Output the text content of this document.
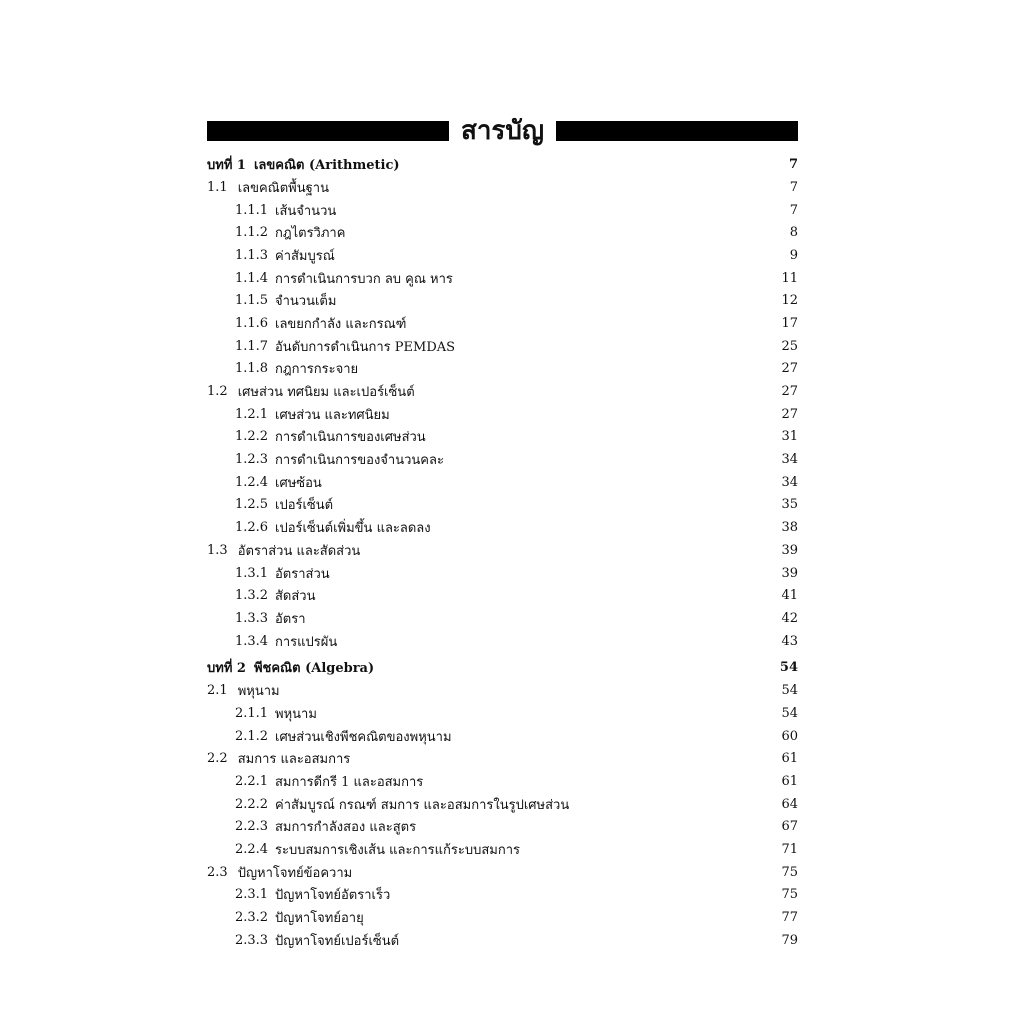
สารบัญ
บทที่ 1 เลขคณิต (Arithmetic)	7
1.1 เลขคณิตพื้นฐาน	7
1.1.1 เส้นจำนวน	7
1.1.2 กฎไตรวิภาค	8
1.1.3 ค่าสัมบูรณ์	9
1.1.4 การดำเนินการบวก ลบ คูณ หาร	11
1.1.5 จำนวนเต็ม	12
1.1.6 เลขยกกำลัง และกรณฑ์	17
1.1.7 อันดับการดำเนินการ PEMDAS	25
1.1.8 กฎการกระจาย	27
1.2 เศษส่วน ทศนิยม และเปอร์เซ็นต์	27
1.2.1 เศษส่วน และทศนิยม	27
1.2.2 การดำเนินการของเศษส่วน	31
1.2.3 การดำเนินการของจำนวนคละ	34
1.2.4 เศษซ้อน	34
1.2.5 เปอร์เซ็นต์	35
1.2.6 เปอร์เซ็นต์เพิ่มขึ้น และลดลง	38
1.3 อัตราส่วน และสัดส่วน	39
1.3.1 อัตราส่วน	39
1.3.2 สัดส่วน	41
1.3.3 อัตรา	42
1.3.4 การแปรผัน	43
บทที่ 2 พีชคณิต (Algebra)	54
2.1 พหุนาม	54
2.1.1 พหุนาม	54
2.1.2 เศษส่วนเชิงพีชคณิตของพหุนาม	60
2.2 สมการ และอสมการ	61
2.2.1 สมการดีกรี 1 และอสมการ	61
2.2.2 ค่าสัมบูรณ์ กรณฑ์ สมการ และอสมการในรูปเศษส่วน	64
2.2.3 สมการกำลังสอง และสูตร	67
2.2.4 ระบบสมการเชิงเส้น และการแก้ระบบสมการ	71
2.3 ปัญหาโจทย์ข้อความ	75
2.3.1 ปัญหาโจทย์อัตราเร็ว	75
2.3.2 ปัญหาโจทย์อายุ	77
2.3.3 ปัญหาโจทย์เปอร์เซ็นต์	79
